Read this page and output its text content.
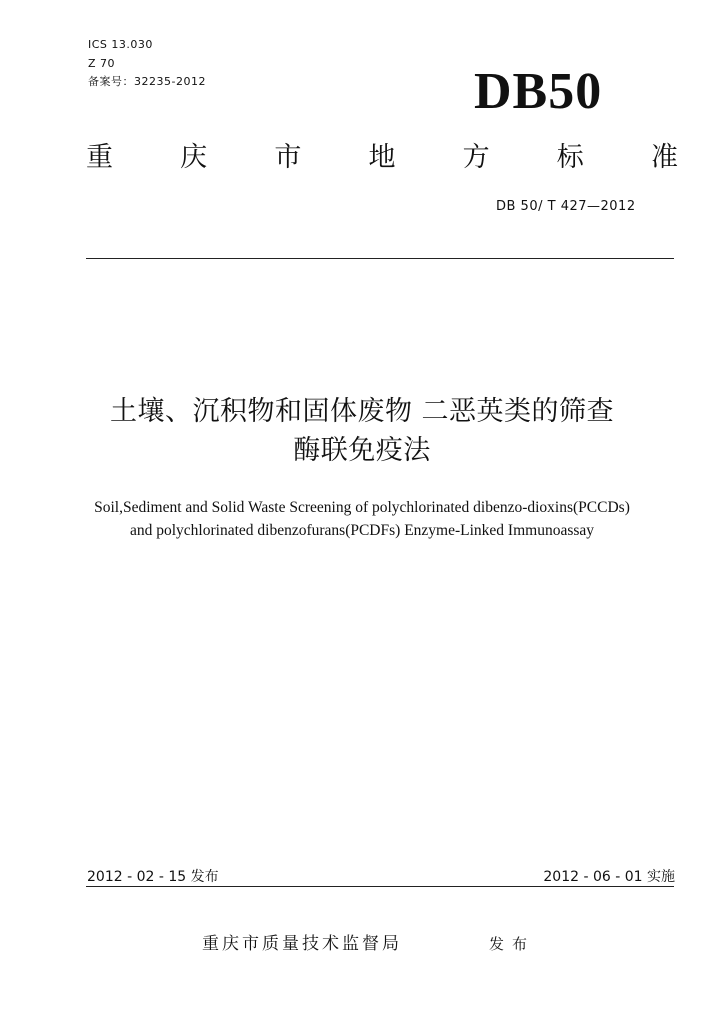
ICS 13.030
Z 70
备案号：32235-2012	DB50
重 庆 市 地 方 标 准
DB 50/ T 427—2012
土壤、沉积物和固体废物 二恶英类的筛查
酶联免疫法
Soil,Sediment and Solid Waste Screening of polychlorinated dibenzo-dioxins(PCCDs)
and polychlorinated dibenzofurans(PCDFs) Enzyme-Linked Immunoassay
2012 - 02 - 15 发布	2012 - 06 - 01 实施
重庆市质量技术监督局	发布
